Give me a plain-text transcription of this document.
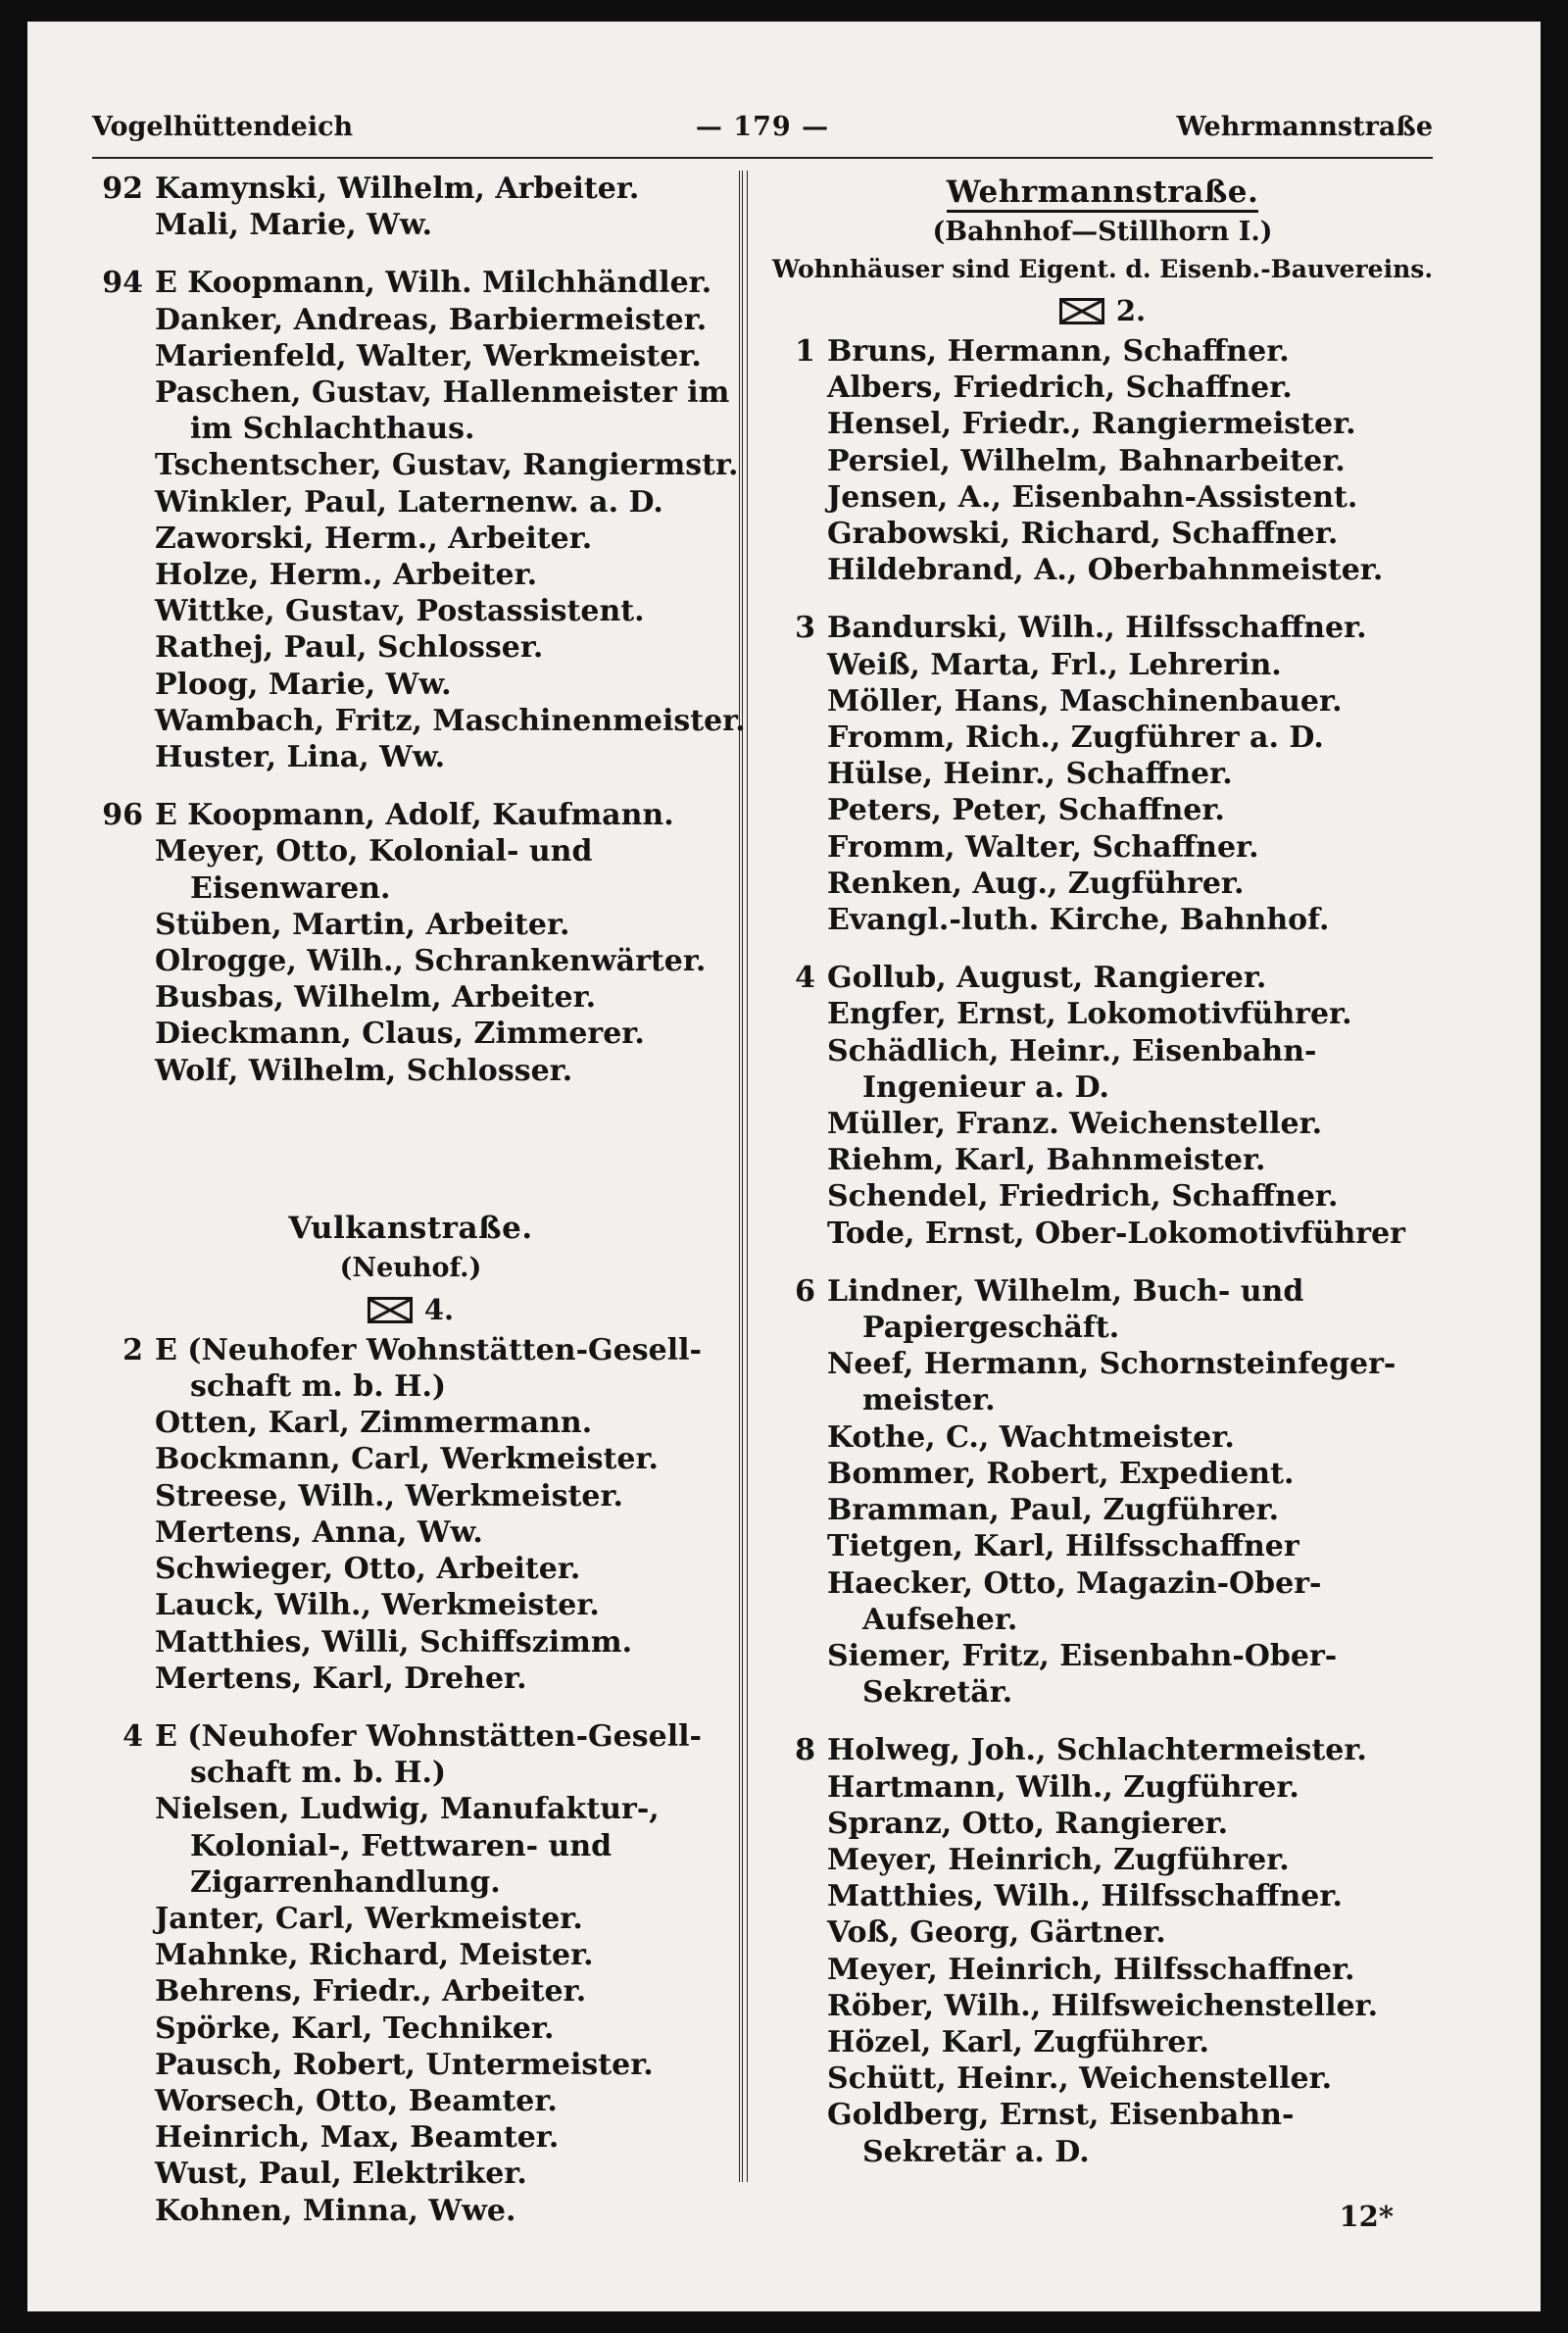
Vogelhüttendeich	— 179 —	Wehrmannstraße
92 Kamynski, Wilhelm, Arbeiter.
Mali, Marie, Ww.
94 E Koopmann, Wilh. Milchhändler.
Danker, Andreas, Barbiermeister.
Marienfeld, Walter, Werkmeister.
Paschen, Gustav, Hallenmeister im
im Schlachthaus.
Tschentscher, Gustav, Rangiermstr.
Winkler, Paul, Laternenw. a. D.
Zaworski, Herm., Arbeiter.
Holze, Herm., Arbeiter.
Wittke, Gustav, Postassistent.
Rathej, Paul, Schlosser.
Ploog, Marie, Ww.
Wambach, Fritz, Maschinenmeister.
Huster, Lina, Ww.
96 E Koopmann, Adolf, Kaufmann.
Meyer, Otto, Kolonial- und
Eisenwaren.
Stüben, Martin, Arbeiter.
Olrogge, Wilh., Schrankenwärter.
Busbas, Wilhelm, Arbeiter.
Dieckmann, Claus, Zimmerer.
Wolf, Wilhelm, Schlosser.
Vulkanstraße.
(Neuhof.)
4.
2 E (Neuhofer Wohnstätten-Gesell-
schaft m. b. H.)
Otten, Karl, Zimmermann.
Bockmann, Carl, Werkmeister.
Streese, Wilh., Werkmeister.
Mertens, Anna, Ww.
Schwieger, Otto, Arbeiter.
Lauck, Wilh., Werkmeister.
Matthies, Willi, Schiffszimm.
Mertens, Karl, Dreher.
4 E (Neuhofer Wohnstätten-Gesell-
schaft m. b. H.)
Nielsen, Ludwig, Manufaktur-,
Kolonial-, Fettwaren- und
Zigarrenhandlung.
Janter, Carl, Werkmeister.
Mahnke, Richard, Meister.
Behrens, Friedr., Arbeiter.
Spörke, Karl, Techniker.
Pausch, Robert, Untermeister.
Worsech, Otto, Beamter.
Heinrich, Max, Beamter.
Wust, Paul, Elektriker.
Kohnen, Minna, Wwe.
Wehrmannstraße.
(Bahnhof—Stillhorn I.)
Wohnhäuser sind Eigent. d. Eisenb.-Bauvereins.
2.
1 Bruns, Hermann, Schaffner.
Albers, Friedrich, Schaffner.
Hensel, Friedr., Rangiermeister.
Persiel, Wilhelm, Bahnarbeiter.
Jensen, A., Eisenbahn-Assistent.
Grabowski, Richard, Schaffner.
Hildebrand, A., Oberbahnmeister.
3 Bandurski, Wilh., Hilfsschaffner.
Weiß, Marta, Frl., Lehrerin.
Möller, Hans, Maschinenbauer.
Fromm, Rich., Zugführer a. D.
Hülse, Heinr., Schaffner.
Peters, Peter, Schaffner.
Fromm, Walter, Schaffner.
Renken, Aug., Zugführer.
Evangl.-luth. Kirche, Bahnhof.
4 Gollub, August, Rangierer.
Engfer, Ernst, Lokomotivführer.
Schädlich, Heinr., Eisenbahn-
Ingenieur a. D.
Müller, Franz. Weichensteller.
Riehm, Karl, Bahnmeister.
Schendel, Friedrich, Schaffner.
Tode, Ernst, Ober-Lokomotivführer
6 Lindner, Wilhelm, Buch- und
Papiergeschäft.
Neef, Hermann, Schornsteinfeger-
meister.
Kothe, C., Wachtmeister.
Bommer, Robert, Expedient.
Bramman, Paul, Zugführer.
Tietgen, Karl, Hilfsschaffner
Haecker, Otto, Magazin-Ober-
Aufseher.
Siemer, Fritz, Eisenbahn-Ober-
Sekretär.
8 Holweg, Joh., Schlachtermeister.
Hartmann, Wilh., Zugführer.
Spranz, Otto, Rangierer.
Meyer, Heinrich, Zugführer.
Matthies, Wilh., Hilfsschaffner.
Voß, Georg, Gärtner.
Meyer, Heinrich, Hilfsschaffner.
Röber, Wilh., Hilfsweichensteller.
Hözel, Karl, Zugführer.
Schütt, Heinr., Weichensteller.
Goldberg, Ernst, Eisenbahn-
Sekretär a. D.
12*
